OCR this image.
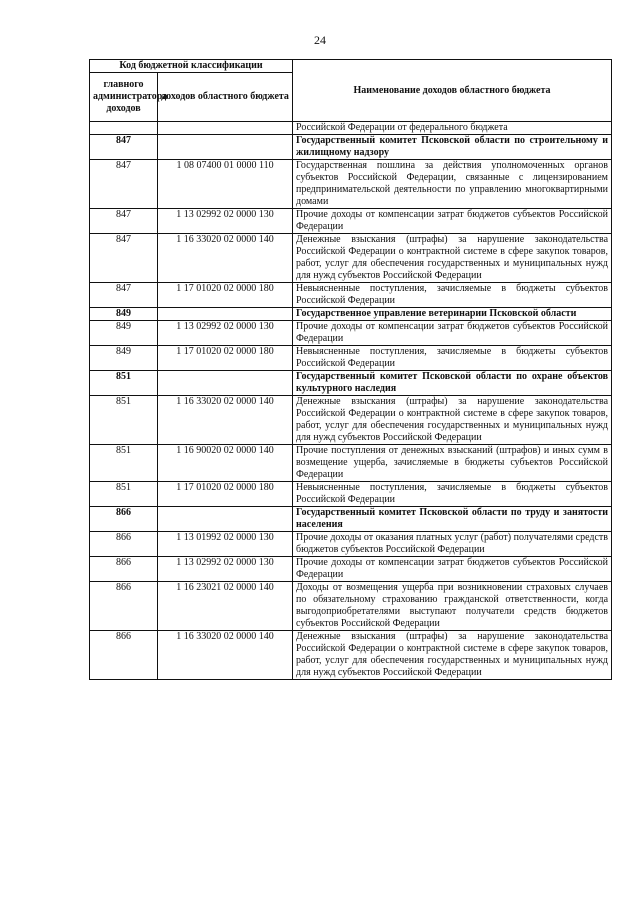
24
Код бюджетной классификации		Наименование доходов областного бюджета
главного администратора доходов	доходов областного бюджета	
		Российской Федерации от федерального бюджета
847		Государственный комитет Псковской области по строительному и жилищному надзору
847	1 08 07400 01 0000 110	Государственная пошлина за действия уполномоченных органов субъектов Российской Федерации, связанные с лицензированием предпринимательской деятельности по управлению многоквартирными домами
847	1 13 02992 02 0000 130	Прочие доходы от компенсации затрат бюджетов субъектов Российской Федерации
847	1 16 33020 02 0000 140	Денежные взыскания (штрафы) за нарушение законодательства Российской Федерации о контрактной системе в сфере закупок товаров, работ, услуг для обеспечения государственных и муниципальных нужд для нужд субъектов Российской Федерации
847	1 17 01020 02 0000 180	Невыясненные поступления, зачисляемые в бюджеты субъектов Российской Федерации
849		Государственное управление ветеринарии Псковской области
849	1 13 02992 02 0000 130	Прочие доходы от компенсации затрат бюджетов субъектов Российской Федерации
849	1 17 01020 02 0000 180	Невыясненные поступления, зачисляемые в бюджеты субъектов Российской Федерации
851		Государственный комитет Псковской области по охране объектов культурного наследия
851	1 16 33020 02 0000 140	Денежные взыскания (штрафы) за нарушение законодательства Российской Федерации о контрактной системе в сфере закупок товаров, работ, услуг для обеспечения государственных и муниципальных нужд для нужд субъектов Российской Федерации
851	1 16 90020 02 0000 140	Прочие поступления от денежных взысканий (штрафов) и иных сумм в возмещение ущерба, зачисляемые в бюджеты субъектов Российской Федерации
851	1 17 01020 02 0000 180	Невыясненные поступления, зачисляемые в бюджеты субъектов Российской Федерации
866		Государственный комитет Псковской области по труду и занятости населения
866	1 13 01992 02 0000 130	Прочие доходы от оказания платных услуг (работ) получателями средств бюджетов субъектов Российской Федерации
866	1 13 02992 02 0000 130	Прочие доходы от компенсации затрат бюджетов субъектов Российской Федерации
866	1 16 23021 02 0000 140	Доходы от возмещения ущерба при возникновении страховых случаев по обязательному страхованию гражданской ответственности, когда выгодоприобретателями выступают получатели средств бюджетов субъектов Российской Федерации
866	1 16 33020 02 0000 140	Денежные взыскания (штрафы) за нарушение законодательства Российской Федерации о контрактной системе в сфере закупок товаров, работ, услуг для обеспечения государственных и муниципальных нужд для нужд субъектов Российской Федерации
